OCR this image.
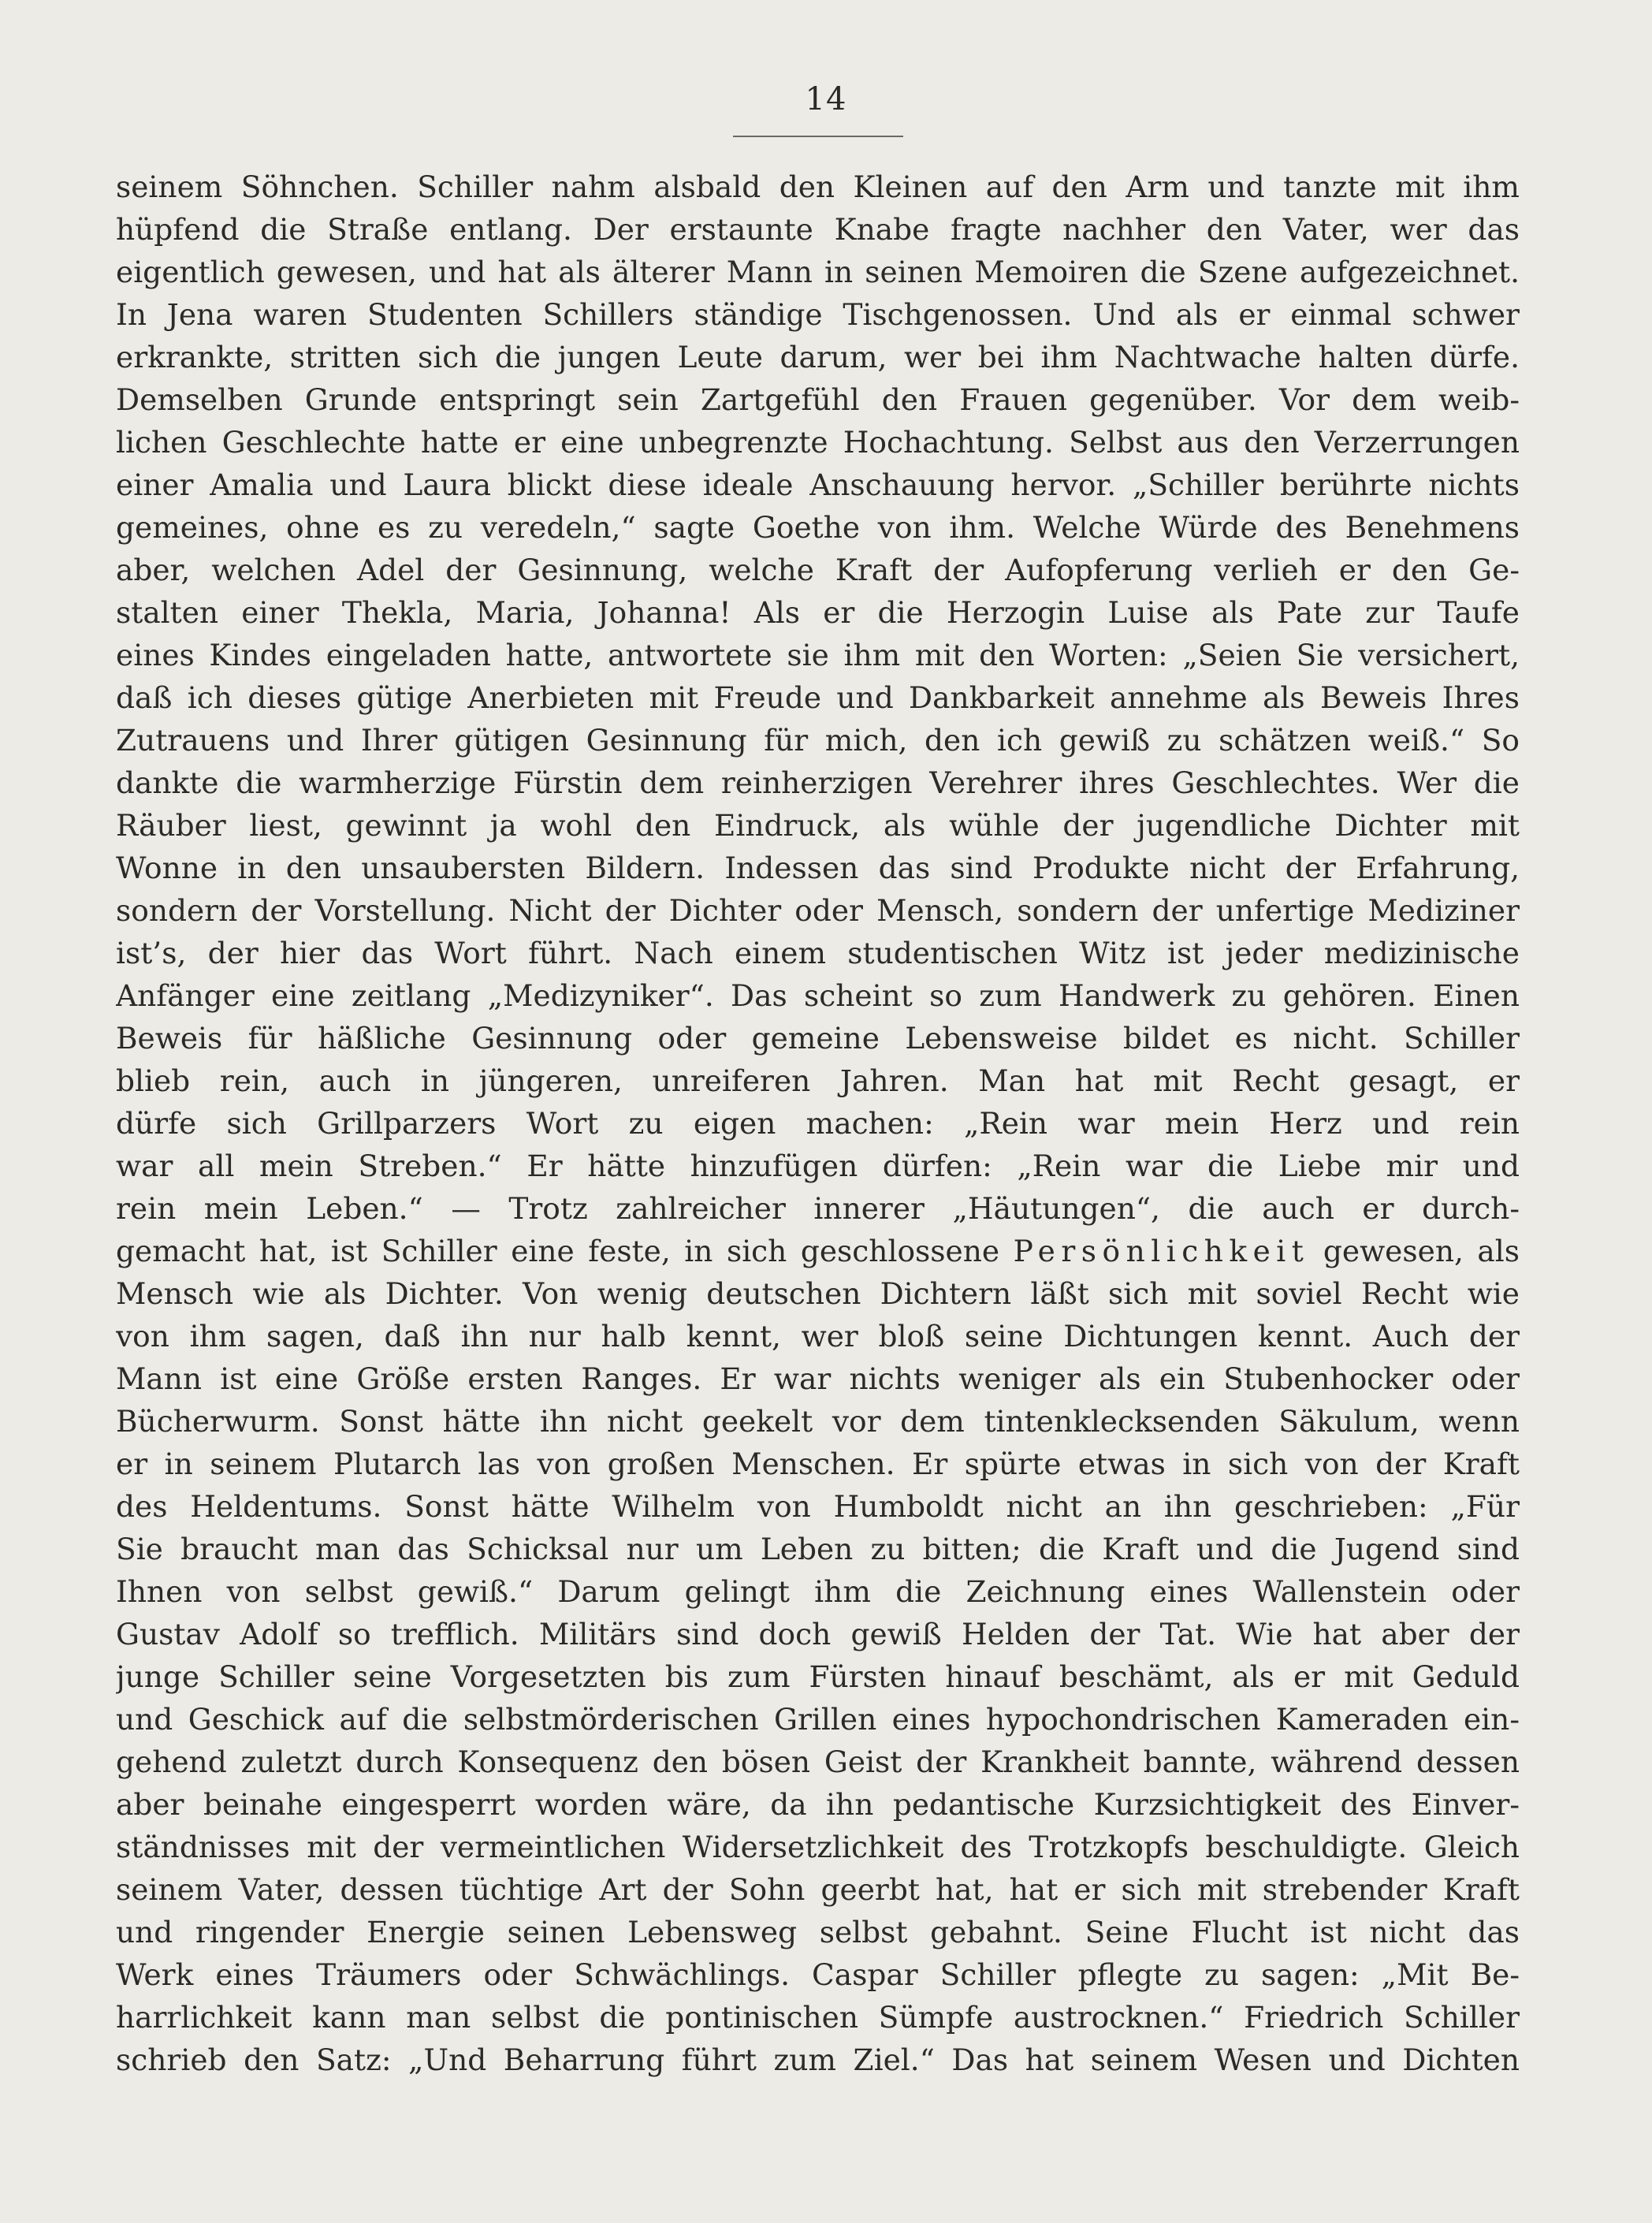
14
seinem Söhnchen. Schiller nahm alsbald den Kleinen auf den Arm und tanzte mit ihm
hüpfend die Straße entlang. Der erstaunte Knabe fragte nachher den Vater, wer das
eigentlich gewesen, und hat als älterer Mann in seinen Memoiren die Szene aufgezeichnet.
In Jena waren Studenten Schillers ständige Tischgenossen. Und als er einmal schwer
erkrankte, stritten sich die jungen Leute darum, wer bei ihm Nachtwache halten dürfe.
Demselben Grunde entspringt sein Zartgefühl den Frauen gegenüber. Vor dem weib-
lichen Geschlechte hatte er eine unbegrenzte Hochachtung. Selbst aus den Verzerrungen
einer Amalia und Laura blickt diese ideale Anschauung hervor. „Schiller berührte nichts
gemeines, ohne es zu veredeln,“ sagte Goethe von ihm. Welche Würde des Benehmens
aber, welchen Adel der Gesinnung, welche Kraft der Aufopferung verlieh er den Ge-
stalten einer Thekla, Maria, Johanna! Als er die Herzogin Luise als Pate zur Taufe
eines Kindes eingeladen hatte, antwortete sie ihm mit den Worten: „Seien Sie versichert,
daß ich dieses gütige Anerbieten mit Freude und Dankbarkeit annehme als Beweis Ihres
Zutrauens und Ihrer gütigen Gesinnung für mich, den ich gewiß zu schätzen weiß.“ So
dankte die warmherzige Fürstin dem reinherzigen Verehrer ihres Geschlechtes. Wer die
Räuber liest, gewinnt ja wohl den Eindruck, als wühle der jugendliche Dichter mit
Wonne in den unsaubersten Bildern. Indessen das sind Produkte nicht der Erfahrung,
sondern der Vorstellung. Nicht der Dichter oder Mensch, sondern der unfertige Mediziner
ist’s, der hier das Wort führt. Nach einem studentischen Witz ist jeder medizinische
Anfänger eine zeitlang „Medizyniker“. Das scheint so zum Handwerk zu gehören. Einen
Beweis für häßliche Gesinnung oder gemeine Lebensweise bildet es nicht. Schiller
blieb rein, auch in jüngeren, unreiferen Jahren. Man hat mit Recht gesagt, er
dürfe sich Grillparzers Wort zu eigen machen: „Rein war mein Herz und rein
war all mein Streben.“ Er hätte hinzufügen dürfen: „Rein war die Liebe mir und
rein mein Leben.“ — Trotz zahlreicher innerer „Häutungen“, die auch er durch-
gemacht hat, ist Schiller eine feste, in sich geschlossene Persönlichkeit gewesen, als
Mensch wie als Dichter. Von wenig deutschen Dichtern läßt sich mit soviel Recht wie
von ihm sagen, daß ihn nur halb kennt, wer bloß seine Dichtungen kennt. Auch der
Mann ist eine Größe ersten Ranges. Er war nichts weniger als ein Stubenhocker oder
Bücherwurm. Sonst hätte ihn nicht geekelt vor dem tintenklecksenden Säkulum, wenn
er in seinem Plutarch las von großen Menschen. Er spürte etwas in sich von der Kraft
des Heldentums. Sonst hätte Wilhelm von Humboldt nicht an ihn geschrieben: „Für
Sie braucht man das Schicksal nur um Leben zu bitten; die Kraft und die Jugend sind
Ihnen von selbst gewiß.“ Darum gelingt ihm die Zeichnung eines Wallenstein oder
Gustav Adolf so trefflich. Militärs sind doch gewiß Helden der Tat. Wie hat aber der
junge Schiller seine Vorgesetzten bis zum Fürsten hinauf beschämt, als er mit Geduld
und Geschick auf die selbstmörderischen Grillen eines hypochondrischen Kameraden ein-
gehend zuletzt durch Konsequenz den bösen Geist der Krankheit bannte, während dessen
aber beinahe eingesperrt worden wäre, da ihn pedantische Kurzsichtigkeit des Einver-
ständnisses mit der vermeintlichen Widersetzlichkeit des Trotzkopfs beschuldigte. Gleich
seinem Vater, dessen tüchtige Art der Sohn geerbt hat, hat er sich mit strebender Kraft
und ringender Energie seinen Lebensweg selbst gebahnt. Seine Flucht ist nicht das
Werk eines Träumers oder Schwächlings. Caspar Schiller pflegte zu sagen: „Mit Be-
harrlichkeit kann man selbst die pontinischen Sümpfe austrocknen.“ Friedrich Schiller
schrieb den Satz: „Und Beharrung führt zum Ziel.“ Das hat seinem Wesen und Dichten
